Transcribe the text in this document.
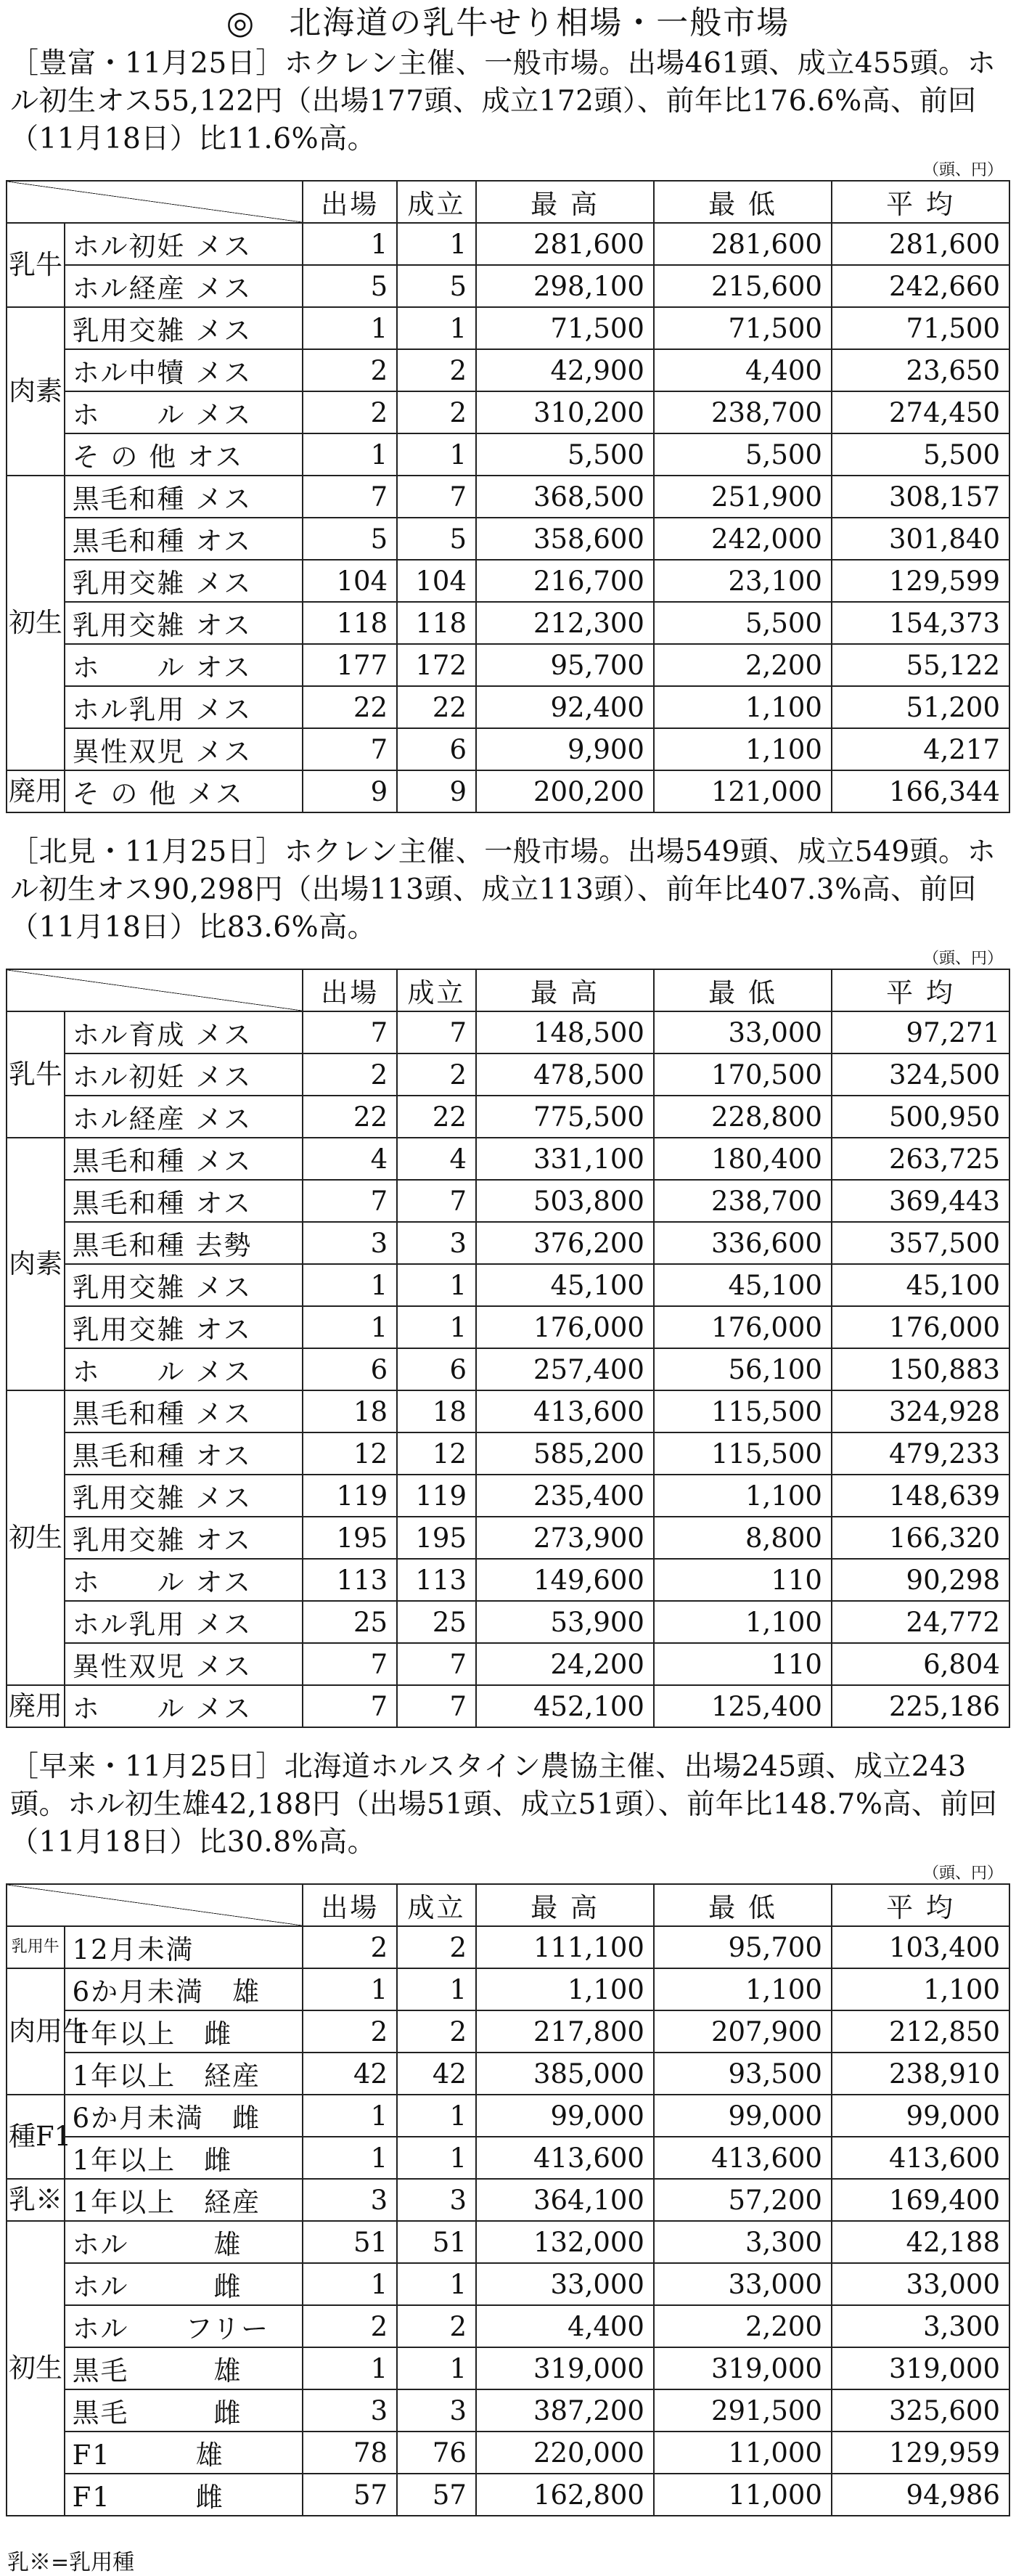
◎　北海道の乳牛せり相場・一般市場
［豊富・11月25日］ホクレン主催、一般市場。出場461頭、成立455頭。ホル初生オス55,122円（出場177頭、成立172頭）、前年比176.6%高、前回（11月18日）比11.6%高。
（頭、円）
		出場	成立	最 高	最 低	平 均
乳牛	ホル初妊 メス	1	1	281,600	281,600	281,600
	ホル経産 メス	5	5	298,100	215,600	242,660
肉素	乳用交雑 メス	1	1	71,500	71,500	71,500
	ホル中犢 メス	2	2	42,900	4,400	23,650
	ホ　　ル メス	2	2	310,200	238,700	274,450
	そ の 他 オス	1	1	5,500	5,500	5,500
初生	黒毛和種 メス	7	7	368,500	251,900	308,157
	黒毛和種 オス	5	5	358,600	242,000	301,840
	乳用交雑 メス	104	104	216,700	23,100	129,599
	乳用交雑 オス	118	118	212,300	5,500	154,373
	ホ　　ル オス	177	172	95,700	2,200	55,122
	ホル乳用 メス	22	22	92,400	1,100	51,200
	異性双児 メス	7	6	9,900	1,100	4,217
廃用	そ の 他 メス	9	9	200,200	121,000	166,344
［北見・11月25日］ホクレン主催、一般市場。出場549頭、成立549頭。ホル初生オス90,298円（出場113頭、成立113頭）、前年比407.3%高、前回（11月18日）比83.6%高。
（頭、円）
		出場	成立	最 高	最 低	平 均
乳牛	ホル育成 メス	7	7	148,500	33,000	97,271
	ホル初妊 メス	2	2	478,500	170,500	324,500
	ホル経産 メス	22	22	775,500	228,800	500,950
肉素	黒毛和種 メス	4	4	331,100	180,400	263,725
	黒毛和種 オス	7	7	503,800	238,700	369,443
	黒毛和種 去勢	3	3	376,200	336,600	357,500
	乳用交雑 メス	1	1	45,100	45,100	45,100
	乳用交雑 オス	1	1	176,000	176,000	176,000
	ホ　　ル メス	6	6	257,400	56,100	150,883
初生	黒毛和種 メス	18	18	413,600	115,500	324,928
	黒毛和種 オス	12	12	585,200	115,500	479,233
	乳用交雑 メス	119	119	235,400	1,100	148,639
	乳用交雑 オス	195	195	273,900	8,800	166,320
	ホ　　ル オス	113	113	149,600	110	90,298
	ホル乳用 メス	25	25	53,900	1,100	24,772
	異性双児 メス	7	7	24,200	110	6,804
廃用	ホ　　ル メス	7	7	452,100	125,400	225,186
［早来・11月25日］北海道ホルスタイン農協主催、出場245頭、成立243頭。ホル初生雄42,188円（出場51頭、成立51頭）、前年比148.7%高、前回（11月18日）比30.8%高。
（頭、円）
		出場	成立	最 高	最 低	平 均
乳用牛	12月未満	2	2	111,100	95,700	103,400
肉用牛	6か月未満　雄	1	1	1,100	1,100	1,100
	1年以上　雌	2	2	217,800	207,900	212,850
	1年以上　経産	42	42	385,000	93,500	238,910
種F1	6か月未満　雌	1	1	99,000	99,000	99,000
	1年以上　雌	1	1	413,600	413,600	413,600
乳※	1年以上　経産	3	3	364,100	57,200	169,400
初生	ホル　　　雄	51	51	132,000	3,300	42,188
	ホル　　　雌	1	1	33,000	33,000	33,000
	ホル　　フリー	2	2	4,400	2,200	3,300
	黒毛　　　雄	1	1	319,000	319,000	319,000
	黒毛　　　雌	3	3	387,200	291,500	325,600
	F1　　　雄	78	76	220,000	11,000	129,959
	F1　　　雌	57	57	162,800	11,000	94,986
乳※=乳用種
